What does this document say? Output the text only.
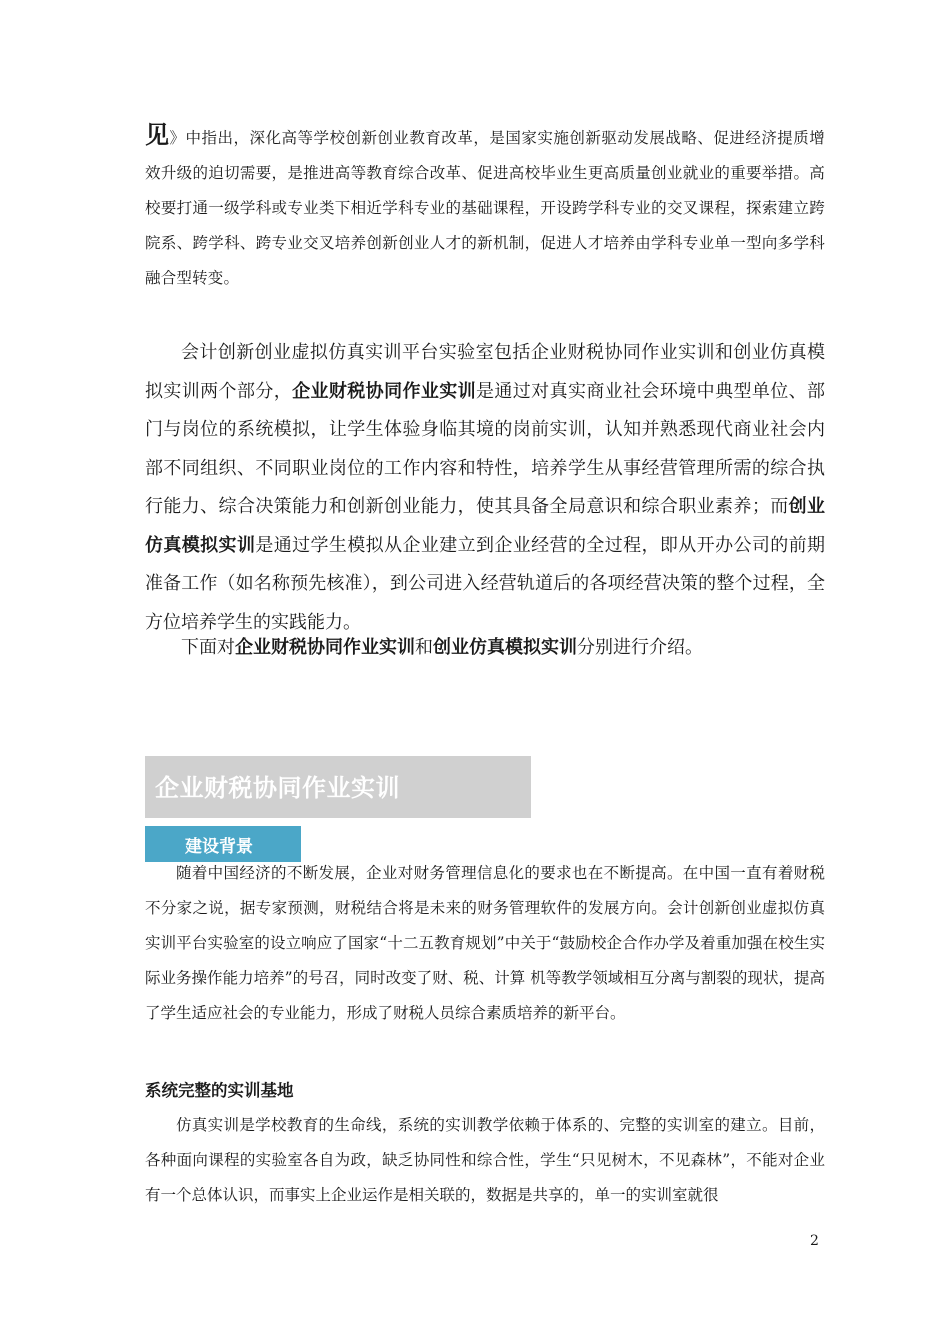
见》中指出，深化高等学校创新创业教育改革，是国家实施创新驱动发展战略、促进经济提质增效升级的迫切需要，是推进高等教育综合改革、促进高校毕业生更高质量创业就业的重要举措。高校要打通一级学科或专业类下相近学科专业的基础课程，开设跨学科专业的交叉课程，探索建立跨院系、跨学科、跨专业交叉培养创新创业人才的新机制，促进人才培养由学科专业单一型向多学科融合型转变。
会计创新创业虚拟仿真实训平台实验室包括企业财税协同作业实训和创业仿真模拟实训两个部分，企业财税协同作业实训是通过对真实商业社会环境中典型单位、部门与岗位的系统模拟，让学生体验身临其境的岗前实训，认知并熟悉现代商业社会内部不同组织、不同职业岗位的工作内容和特性，培养学生从事经营管理所需的综合执行能力、综合决策能力和创新创业能力，使其具备全局意识和综合职业素养；而创业仿真模拟实训是通过学生模拟从企业建立到企业经营的全过程，即从开办公司的前期准备工作（如名称预先核准），到公司进入经营轨道后的各项经营决策的整个过程，全方位培养学生的实践能力。
下面对企业财税协同作业实训和创业仿真模拟实训分别进行介绍。
企业财税协同作业实训
建设背景
随着中国经济的不断发展，企业对财务管理信息化的要求也在不断提高。在中国一直有着财税不分家之说，据专家预测，财税结合将是未来的财务管理软件的发展方向。会计创新创业虚拟仿真实训平台实验室的设立响应了国家“十二五教育规划”中关于“鼓励校企合作办学及着重加强在校生实际业务操作能力培养”的号召，同时改变了财、税、计算 机等教学领域相互分离与割裂的现状，提高了学生适应社会的专业能力，形成了财税人员综合素质培养的新平台。
系统完整的实训基地
仿真实训是学校教育的生命线，系统的实训教学依赖于体系的、完整的实训室的建立。目前，各种面向课程的实验室各自为政，缺乏协同性和综合性，学生“只见树木，不见森林”，不能对企业有一个总体认识，而事实上企业运作是相关联的，数据是共享的，单一的实训室就很
2
